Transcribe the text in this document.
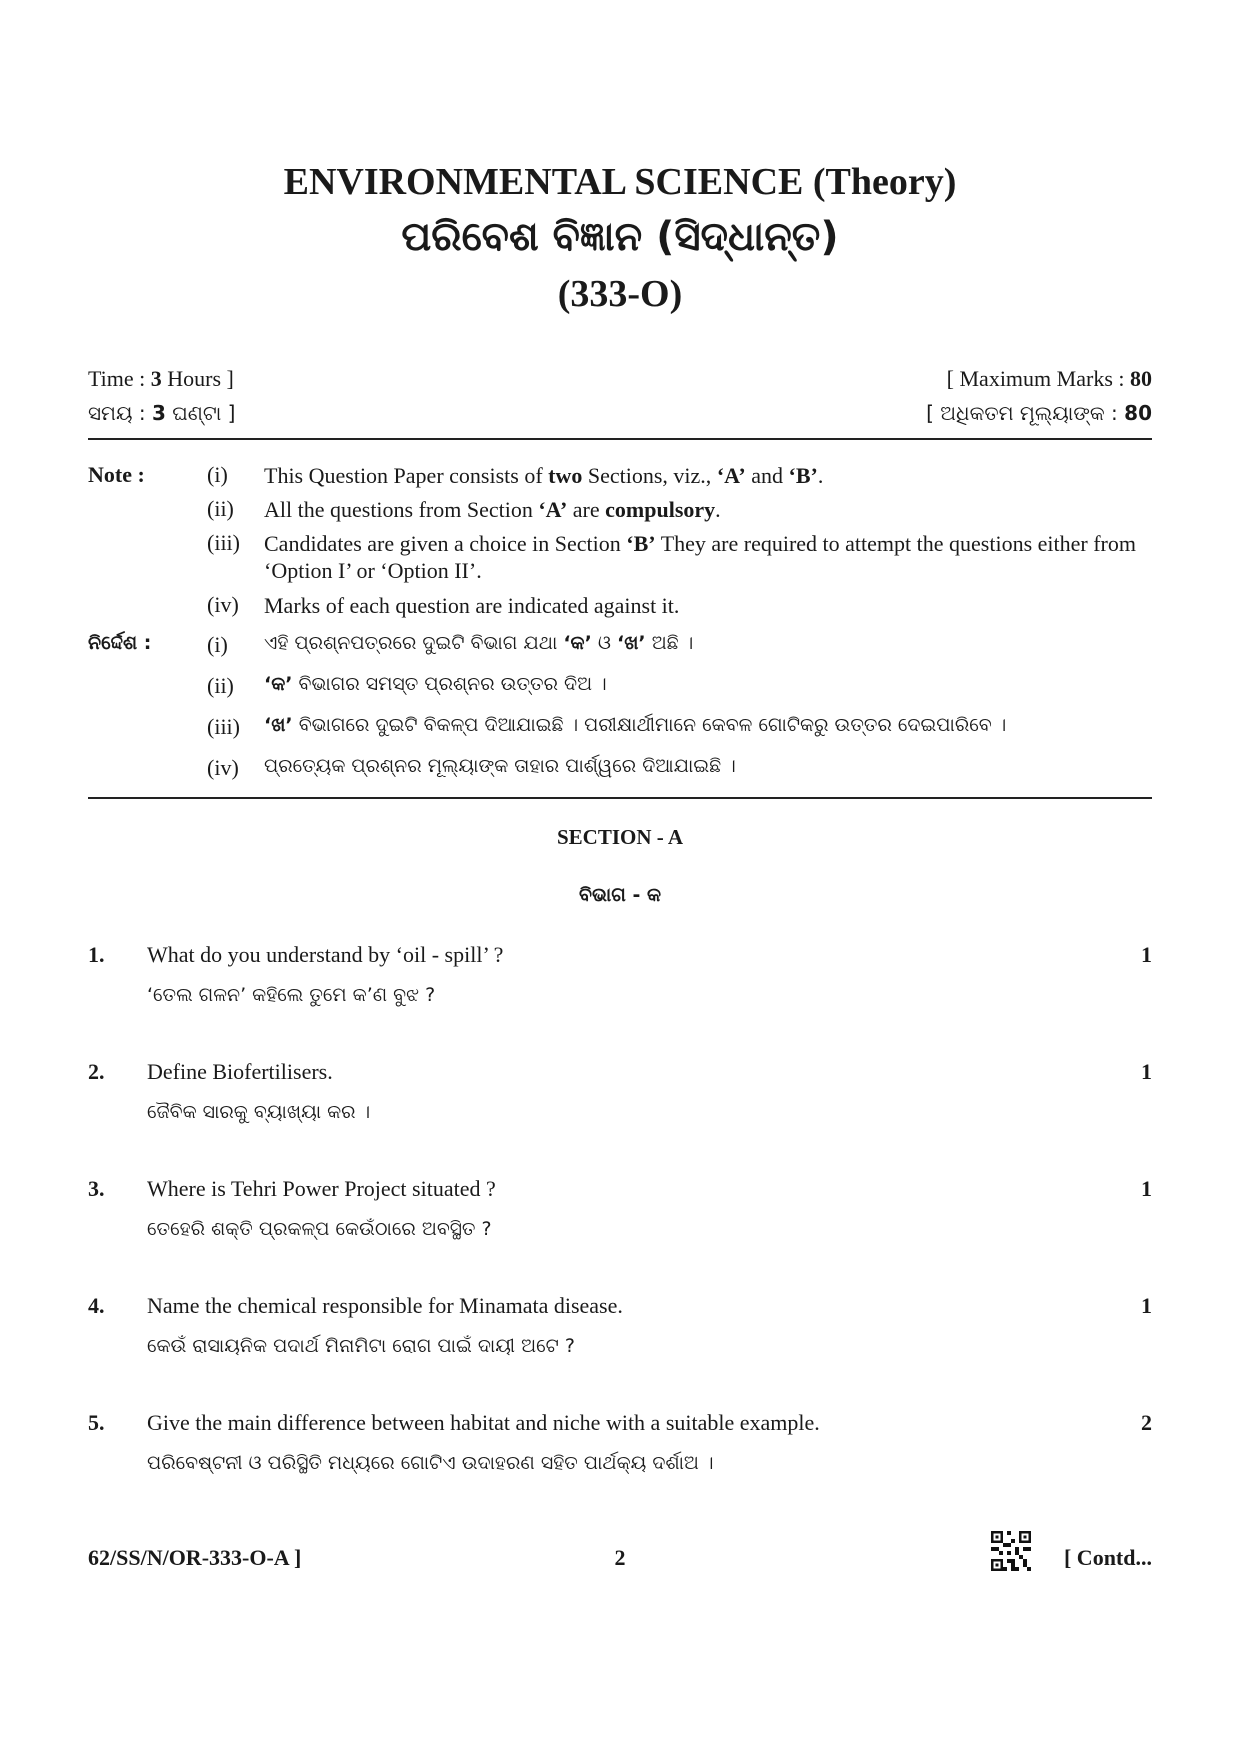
ENVIRONMENTAL SCIENCE (Theory)
ପରିବେଶ ବିଜ୍ଞାନ (ସିଦ୍ଧାନ୍ତ)
(333-O)
Time : 3 Hours ]
ସମୟ : 3 ଘଣ୍ଟା ]
[ Maximum Marks : 80
[ ଅଧିକତମ ମୂଲ୍ୟାଙ୍କ : 80
Note :	(i) This Question Paper consists of two Sections, viz., ‘A’ and ‘B’.
(ii) All the questions from Section ‘A’ are compulsory.
(iii) Candidates are given a choice in Section ‘B’ They are required to attempt the questions either from ‘Option I’ or ‘Option II’.
(iv) Marks of each question are indicated against it.
ନିର୍ଦ୍ଦେଶ :	(i) ଏହି ପ୍ରଶ୍ନପତ୍ରରେ ଦୁଇଟି ବିଭାଗ ଯଥା ‘କ’ ଓ ‘ଖ’ ଅଛି ।
(ii) ‘କ’ ବିଭାଗର ସମସ୍ତ ପ୍ରଶ୍ନର ଉତ୍ତର ଦିଅ ।
(iii) ‘ଖ’ ବିଭାଗରେ ଦୁଇଟି ବିକଳ୍ପ ଦିଆଯାଇଛି । ପରୀକ୍ଷାର୍ଥୀମାନେ କେବଳ ଗୋଟିକରୁ ଉତ୍ତର ଦେଇପାରିବେ ।
(iv) ପ୍ରତ୍ୟେକ ପ୍ରଶ୍ନର ମୂଲ୍ୟାଙ୍କ ତାହାର ପାର୍ଶ୍ୱରେ ଦିଆଯାଇଛି ।
SECTION - A
ବିଭାଗ - କ
1. What do you understand by ‘oil - spill’ ?	1
‘ତେଲ ଗଳନ’ କହିଲେ ତୁମେ କ’ଣ ବୁଝ ?
2. Define Biofertilisers.	1
ଜୈବିକ ସାରକୁ ବ୍ୟାଖ୍ୟା କର ।
3. Where is Tehri Power Project situated ?	1
ତେହେରି ଶକ୍ତି ପ୍ରକଳ୍ପ କେଉଁଠାରେ ଅବସ୍ଥିତ ?
4. Name the chemical responsible for Minamata disease.	1
କେଉଁ ରାସାୟନିକ ପଦାର୍ଥ ମିନାମିଟା ରୋଗ ପାଇଁ ଦାୟୀ ଅଟେ ?
5. Give the main difference between habitat and niche with a suitable example.	2
ପରିବେଷ୍ଟନୀ ଓ ପରିସ୍ଥିତି ମଧ୍ୟରେ ଗୋଟିଏ ଉଦାହରଣ ସହିତ ପାର୍ଥକ୍ୟ ଦର୍ଶାଅ ।
62/SS/N/OR-333-O-A ]	2	[ Contd...
